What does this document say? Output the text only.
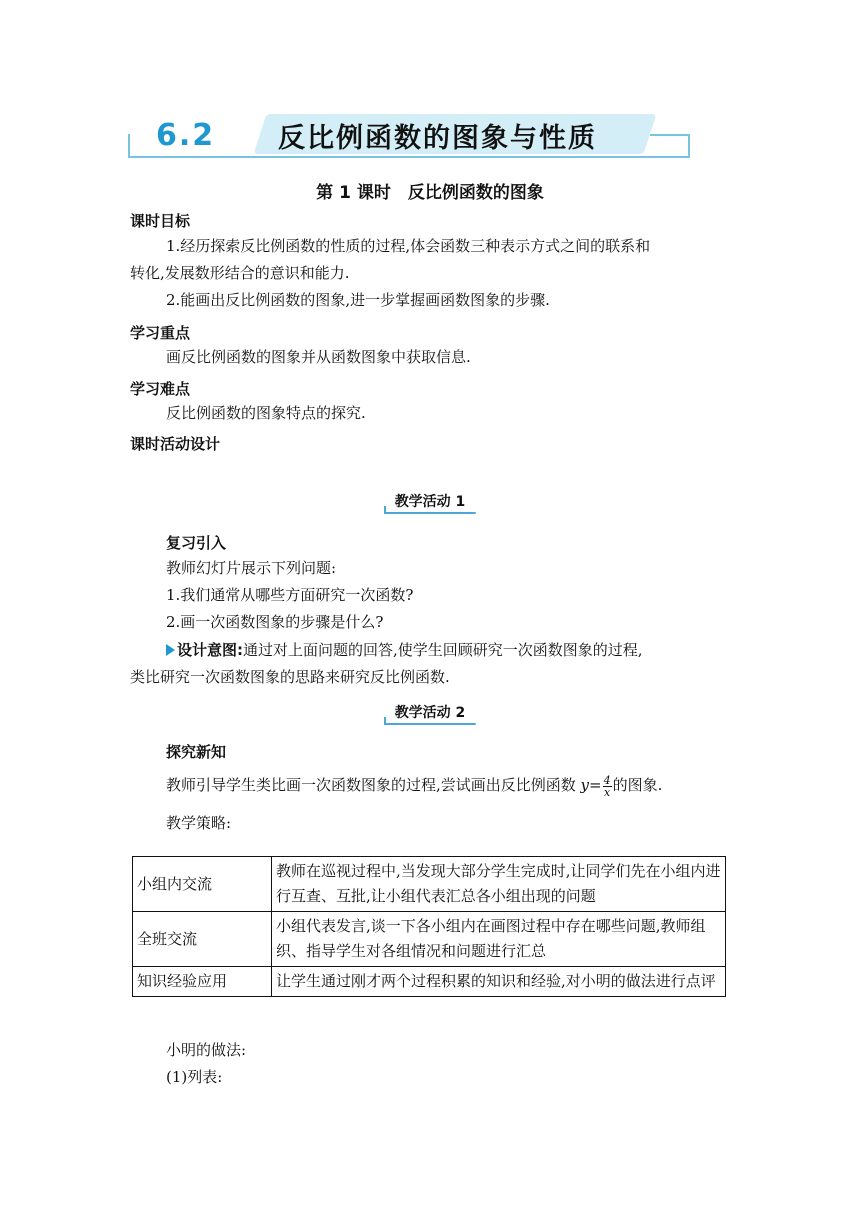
6.2 反比例函数的图象与性质
第 1 课时　反比例函数的图象
课时目标
1.经历探索反比例函数的性质的过程,体会函数三种表示方式之间的联系和
转化,发展数形结合的意识和能力.
2.能画出反比例函数的图象,进一步掌握画函数图象的步骤.
学习重点
画反比例函数的图象并从函数图象中获取信息.
学习难点
反比例函数的图象特点的探究.
课时活动设计
教学活动 1
复习引入
教师幻灯片展示下列问题:
1.我们通常从哪些方面研究一次函数?
2.画一次函数图象的步骤是什么?
设计意图:通过对上面问题的回答,使学生回顾研究一次函数图象的过程,
类比研究一次函数图象的思路来研究反比例函数.
教学活动 2
探究新知
教师引导学生类比画一次函数图象的过程,尝试画出反比例函数 $y= \frac{4}{x}$ 的图象.
教学策略:
小组内交流	教师在巡视过程中,当发现大部分学生完成时,让同学们先在小组内进行互查、互批,让小组代表汇总各小组出现的问题
全班交流	小组代表发言,谈一下各小组内在画图过程中存在哪些问题,教师组织、指导学生对各组情况和问题进行汇总
知识经验应用	让学生通过刚才两个过程积累的知识和经验,对小明的做法进行点评
小明的做法:
(1)列表:
